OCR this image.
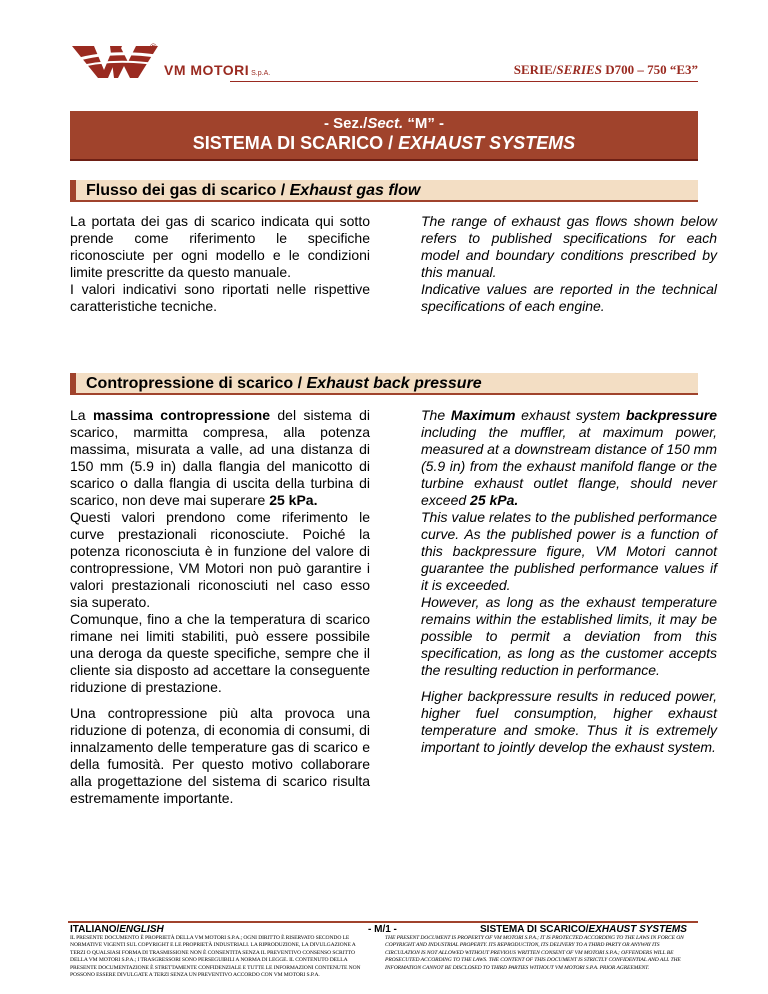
®
VM MOTORI S.p.A.	SERIE/SERIES D700 – 750 “E3”
- Sez./Sect. “M” -
SISTEMA DI SCARICO / EXHAUST SYSTEMS
Flusso dei gas di scarico / Exhaust gas flow

La portata dei gas di scarico indicata qui sotto prende come riferimento le specifiche riconosciute per ogni modello e le condizioni limite prescritte da questo manuale.

I valori indicativi sono riportati nelle rispettive caratteristiche tecniche.

The range of exhaust gas flows shown below refers to published specifications for each model and boundary conditions prescribed by this manual.

Indicative values are reported in the technical specifications of each engine.

Contropressione di scarico / Exhaust back pressure

La massima contropressione del sistema di scarico, marmitta compresa, alla potenza massima, misurata a valle, ad una distanza di 150 mm (5.9 in) dalla flangia del manicotto di scarico o dalla flangia di uscita della turbina di scarico, non deve mai superare 25 kPa.

Questi valori prendono come riferimento le curve prestazionali riconosciute. Poiché la potenza riconosciuta è in funzione del valore di contropressione, VM Motori non può garantire i valori prestazionali riconosciuti nel caso esso sia superato.

Comunque, fino a che la temperatura di scarico rimane nei limiti stabiliti, può essere possibile una deroga da queste specifiche, sempre che il cliente sia disposto ad accettare la conseguente riduzione di prestazione.

Una contropressione più alta provoca una riduzione di potenza, di economia di consumi, di innalzamento delle temperature gas di scarico e della fumosità. Per questo motivo collaborare alla progettazione del sistema di scarico risulta estremamente importante.

The Maximum exhaust system backpressure including the muffler, at maximum power, measured at a downstream distance of 150 mm (5.9 in) from the exhaust manifold flange or the turbine exhaust outlet flange, should never exceed 25 kPa.

This value relates to the published performance curve. As the published power is a function of this backpressure figure, VM Motori cannot guarantee the published performance values if it is exceeded.

However, as long as the exhaust temperature remains within the established limits, it may be possible to permit a deviation from this specification, as long as the customer accepts the resulting reduction in performance.

Higher backpressure results in reduced power, higher fuel consumption, higher exhaust temperature and smoke. Thus it is extremely important to jointly develop the exhaust system.

ITALIANO/ENGLISH	- M/1 -	SISTEMA DI SCARICO/EXHAUST SYSTEMS
IL PRESENTE DOCUMENTO È PROPRIETÀ DELLA VM MOTORI S.P.A.; OGNI DIRITTO È RISERVATO SECONDO LE NORMATIVE VIGENTI SUL COPYRIGHT E LE PROPRIETÀ INDUSTRIALI. LA RIPRODUZIONE, LA DIVULGAZIONE A TERZI O QUALSIASI FORMA DI TRASMISSIONE NON È CONSENTITA SENZA IL PREVENTIVO CONSENSO SCRITTO DELLA VM MOTORI S.P.A.; I TRASGRESSORI SONO PERSEGUIBILI A NORMA DI LEGGE. IL CONTENUTO DELLA PRESENTE DOCUMENTAZIONE È STRETTAMENTE CONFIDENZIALE E TUTTE LE INFORMAZIONI CONTENUTE NON POSSONO ESSERE DIVULGATE A TERZI SENZA UN PREVENTIVO ACCORDO CON VM MOTORI S.P.A.
THE PRESENT DOCUMENT IS PROPERTY OF VM MOTORI S.P.A.; IT IS PROTECTED ACCORDING TO THE LAWS IN FORCE ON COPYRIGHT AND INDUSTRIAL PROPERTY. ITS REPRODUCTION, ITS DELIVERY TO A THIRD PARTY OR ANYWAY ITS CIRCULATION IS NOT ALLOWED WITHOUT PREVIOUS WRITTEN CONSENT OF VM MOTORI S.P.A.; OFFENDERS WILL BE PROSECUTED ACCORDING TO THE LAWS. THE CONTENT OF THIS DOCUMENT IS STRICTLY CONFIDENTIAL AND ALL THE INFORMATION CANNOT BE DISCLOSED TO THIRD PARTIES WITHOUT VM MOTORI S.P.A. PRIOR AGREEMENT.
